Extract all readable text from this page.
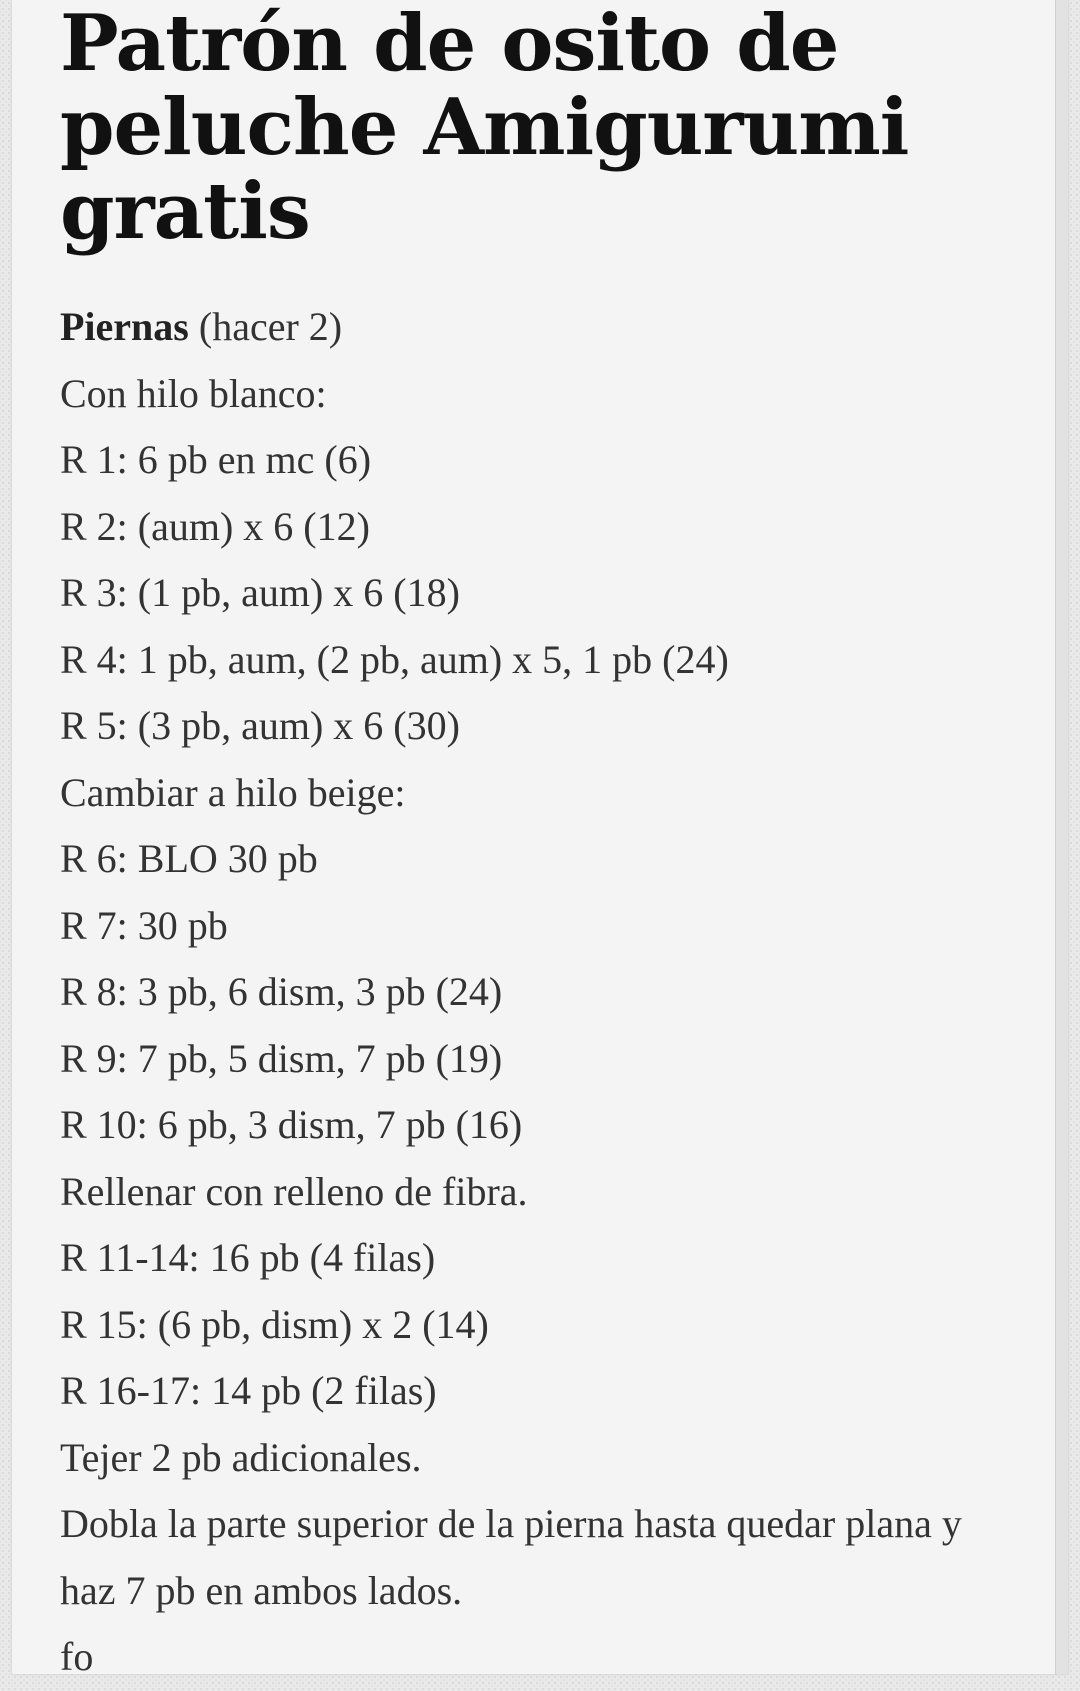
Patrón de osito de peluche Amigurumi gratis
Piernas (hacer 2)
Con hilo blanco:
R 1: 6 pb en mc (6)
R 2: (aum) x 6 (12)
R 3: (1 pb, aum) x 6 (18)
R 4: 1 pb, aum, (2 pb, aum) x 5, 1 pb (24)
R 5: (3 pb, aum) x 6 (30)
Cambiar a hilo beige:
R 6: BLO 30 pb
R 7: 30 pb
R 8: 3 pb, 6 dism, 3 pb (24)
R 9: 7 pb, 5 dism, 7 pb (19)
R 10: 6 pb, 3 dism, 7 pb (16)
Rellenar con relleno de fibra.
R 11-14: 16 pb (4 filas)
R 15: (6 pb, dism) x 2 (14)
R 16-17: 14 pb (2 filas)
Tejer 2 pb adicionales.
Dobla la parte superior de la pierna hasta quedar plana y haz 7 pb en ambos lados.
fo
